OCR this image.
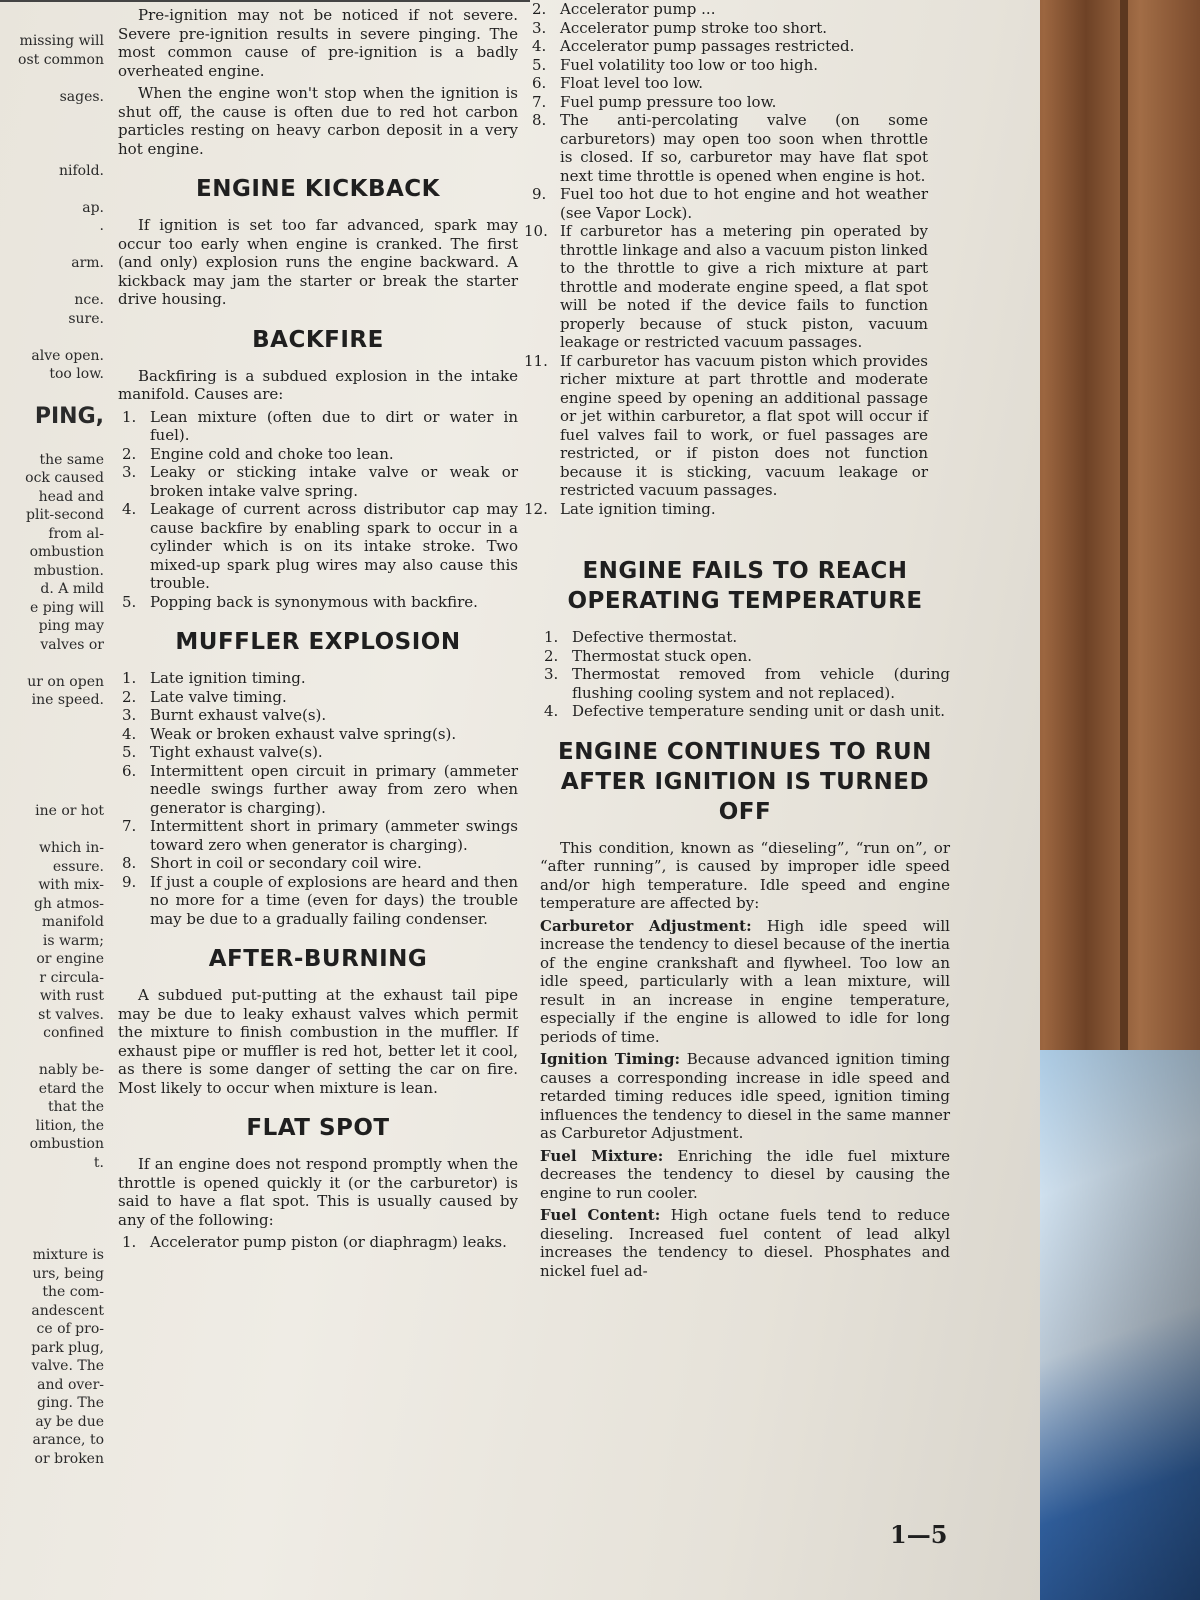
missing will
ost common
sages.
nifold.
ap.
.
arm.
nce.
sure.
alve open.
too low.
PING,
the same
ock caused
head and
plit-second
from al-
ombustion
mbustion.
d. A mild
e ping will
ping may
valves or
ur on open
ine speed.
ine or hot
which in-
essure.
with mix-
gh atmos-
manifold
is warm;
or engine
r circula-
with rust
st valves.
confined
nably be-
etard the
that the
lition, the
ombustion
t.
mixture is
urs, being
the com-
andescent
ce of pro-
park plug,
valve. The
and over-
ging. The
ay be due
arance, to
or broken

Pre-ignition may not be noticed if not severe. Severe pre-ignition results in severe pinging. The most common cause of pre-ignition is a badly overheated engine.

When the engine won't stop when the ignition is shut off, the cause is often due to red hot carbon particles resting on heavy carbon deposit in a very hot engine.

ENGINE KICKBACK

If ignition is set too far advanced, spark may occur too early when engine is cranked. The first (and only) explosion runs the engine backward. A kickback may jam the starter or break the starter drive housing.

BACKFIRE

Backfiring is a subdued explosion in the intake manifold. Causes are:

1. Lean mixture (often due to dirt or water in fuel).
2. Engine cold and choke too lean.
3. Leaky or sticking intake valve or weak or broken intake valve spring.
4. Leakage of current across distributor cap may cause backfire by enabling spark to occur in a cylinder which is on its intake stroke. Two mixed-up spark plug wires may also cause this trouble.
5. Popping back is synonymous with backfire.
MUFFLER EXPLOSION
1. Late ignition timing.
2. Late valve timing.
3. Burnt exhaust valve(s).
4. Weak or broken exhaust valve spring(s).
5. Tight exhaust valve(s).
6. Intermittent open circuit in primary (ammeter needle swings further away from zero when generator is charging).
7. Intermittent short in primary (ammeter swings toward zero when generator is charging).
8. Short in coil or secondary coil wire.
9. If just a couple of explosions are heard and then no more for a time (even for days) the trouble may be due to a gradually failing condenser.
AFTER-BURNING

A subdued put-putting at the exhaust tail pipe may be due to leaky exhaust valves which permit the mixture to finish combustion in the muffler. If exhaust pipe or muffler is red hot, better let it cool, as there is some danger of setting the car on fire. Most likely to occur when mixture is lean.

FLAT SPOT

If an engine does not respond promptly when the throttle is opened quickly it (or the carburetor) is said to have a flat spot. This is usually caused by any of the following:

1. Accelerator pump piston (or diaphragm) leaks.
2. Accelerator pump ...
3. Accelerator pump stroke too short.
4. Accelerator pump passages restricted.
5. Fuel volatility too low or too high.
6. Float level too low.
7. Fuel pump pressure too low.
8. The anti-percolating valve (on some carburetors) may open too soon when throttle is closed. If so, carburetor may have flat spot next time throttle is opened when engine is hot.
9. Fuel too hot due to hot engine and hot weather (see Vapor Lock).
10. If carburetor has a metering pin operated by throttle linkage and also a vacuum piston linked to the throttle to give a rich mixture at part throttle and moderate engine speed, a flat spot will be noted if the device fails to function properly because of stuck piston, vacuum leakage or restricted vacuum passages.
11. If carburetor has vacuum piston which provides richer mixture at part throttle and moderate engine speed by opening an additional passage or jet within carburetor, a flat spot will occur if fuel valves fail to work, or fuel passages are restricted, or if piston does not function because it is sticking, vacuum leakage or restricted vacuum passages.
12. Late ignition timing.
ENGINE FAILS TO REACH OPERATING TEMPERATURE
1. Defective thermostat.
2. Thermostat stuck open.
3. Thermostat removed from vehicle (during flushing cooling system and not replaced).
4. Defective temperature sending unit or dash unit.
ENGINE CONTINUES TO RUN AFTER IGNITION IS TURNED OFF

This condition, known as “dieseling”, “run on”, or “after running”, is caused by improper idle speed and/or high temperature. Idle speed and engine temperature are affected by:

Carburetor Adjustment: High idle speed will increase the tendency to diesel because of the inertia of the engine crankshaft and flywheel. Too low an idle speed, particularly with a lean mixture, will result in an increase in engine temperature, especially if the engine is allowed to idle for long periods of time.

Ignition Timing: Because advanced ignition timing causes a corresponding increase in idle speed and retarded timing reduces idle speed, ignition timing influences the tendency to diesel in the same manner as Carburetor Adjustment.

Fuel Mixture: Enriching the idle fuel mixture decreases the tendency to diesel by causing the engine to run cooler.

Fuel Content: High octane fuels tend to reduce dieseling. Increased fuel content of lead alkyl increases the tendency to diesel. Phosphates and nickel fuel ad-

1—5
